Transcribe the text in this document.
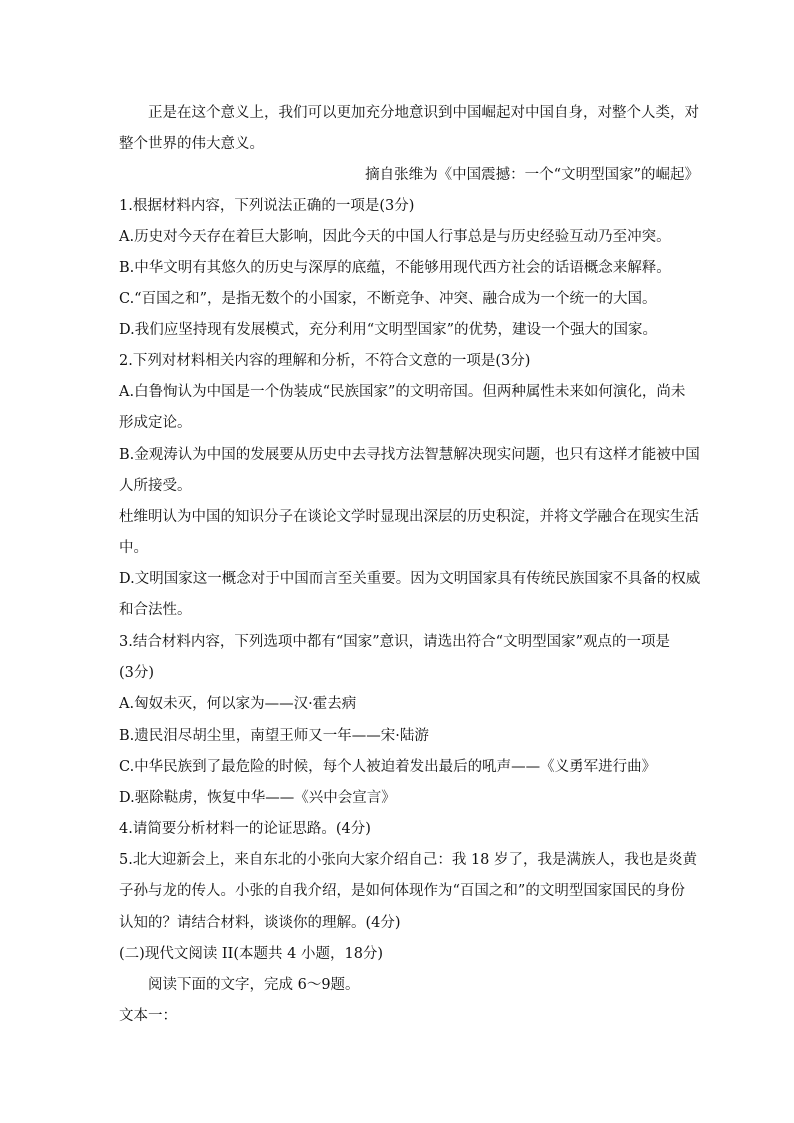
正是在这个意义上，我们可以更加充分地意识到中国崛起对中国自身，对整个人类，对
整个世界的伟大意义。
摘自张维为《中国震撼：一个“文明型国家”的崛起》
1.根据材料内容，下列说法正确的一项是(3分)
A.历史对今天存在着巨大影响，因此今天的中国人行事总是与历史经验互动乃至冲突。
B.中华文明有其悠久的历史与深厚的底蕴，不能够用现代西方社会的话语概念来解释。
C.“百国之和”，是指无数个的小国家，不断竞争、冲突、融合成为一个统一的大国。
D.我们应坚持现有发展模式，充分利用“文明型国家”的优势，建设一个强大的国家。
2.下列对材料相关内容的理解和分析，不符合文意的一项是(3分)
A.白鲁恂认为中国是一个伪装成“民族国家”的文明帝国。但两种属性未来如何演化，尚未
形成定论。
B.金观涛认为中国的发展要从历史中去寻找方法智慧解决现实问题，也只有这样才能被中国
人所接受。
杜维明认为中国的知识分子在谈论文学时显现出深层的历史积淀，并将文学融合在现实生活
中。
D.文明国家这一概念对于中国而言至关重要。因为文明国家具有传统民族国家不具备的权威
和合法性。
3.结合材料内容，下列选项中都有“国家”意识，请选出符合“文明型国家”观点的一项是
(3分)
A.匈奴未灭，何以家为——汉·霍去病
B.遗民泪尽胡尘里，南望王师又一年——宋·陆游
C.中华民族到了最危险的时候，每个人被迫着发出最后的吼声——《义勇军进行曲》
D.驱除鞑虏，恢复中华——《兴中会宣言》
4.请简要分析材料一的论证思路。(4分)
5.北大迎新会上，来自东北的小张向大家介绍自己：我 18 岁了，我是满族人，我也是炎黄
子孙与龙的传人。小张的自我介绍，是如何体现作为“百国之和”的文明型国家国民的身份
认知的？请结合材料，谈谈你的理解。(4分)
(二)现代文阅读 II(本题共 4 小题，18分)
阅读下面的文字，完成 6～9题。
文本一：
